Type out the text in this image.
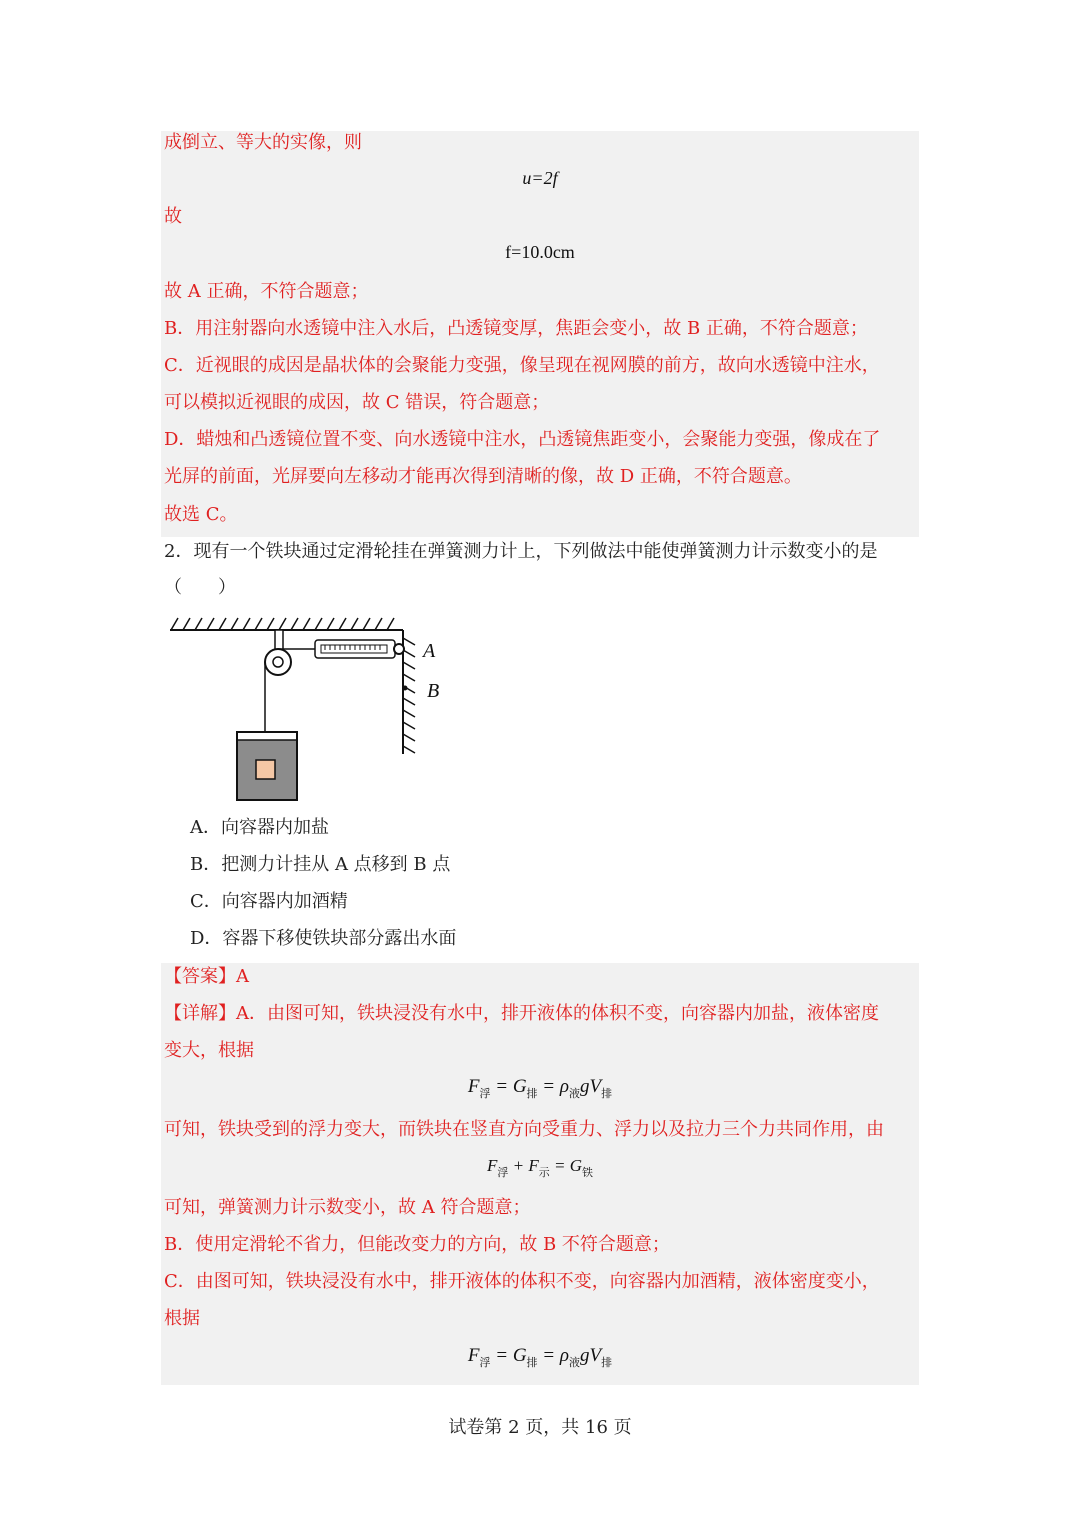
成倒立、等大的实像，则
u=2f
故
f=10.0cm
故 A 正确，不符合题意；
B．用注射器向水透镜中注入水后，凸透镜变厚，焦距会变小，故 B 正确，不符合题意；
C．近视眼的成因是晶状体的会聚能力变强，像呈现在视网膜的前方，故向水透镜中注水，
可以模拟近视眼的成因，故 C 错误，符合题意；
D．蜡烛和凸透镜位置不变、向水透镜中注水，凸透镜焦距变小，会聚能力变强，像成在了
光屏的前面，光屏要向左移动才能再次得到清晰的像，故 D 正确，不符合题意。
故选 C。
2．现有一个铁块通过定滑轮挂在弹簧测力计上，下列做法中能使弹簧测力计示数变小的是
（　　）
A
B
A．向容器内加盐
B．把测力计挂从 A 点移到 B 点
C．向容器内加酒精
D．容器下移使铁块部分露出水面
【答案】A
【详解】A．由图可知，铁块浸没有水中，排开液体的体积不变，向容器内加盐，液体密度
变大，根据
$F_浮 = G_排 = \rho_液gV_排$
可知，铁块受到的浮力变大，而铁块在竖直方向受重力、浮力以及拉力三个力共同作用，由
$F_浮 + F_示 = G_铁$
可知，弹簧测力计示数变小，故 A 符合题意；
B．使用定滑轮不省力，但能改变力的方向，故 B 不符合题意；
C．由图可知，铁块浸没有水中，排开液体的体积不变，向容器内加酒精，液体密度变小，
根据
$F_浮 = G_排 = \rho_液gV_排$
试卷第 2 页，共 16 页
